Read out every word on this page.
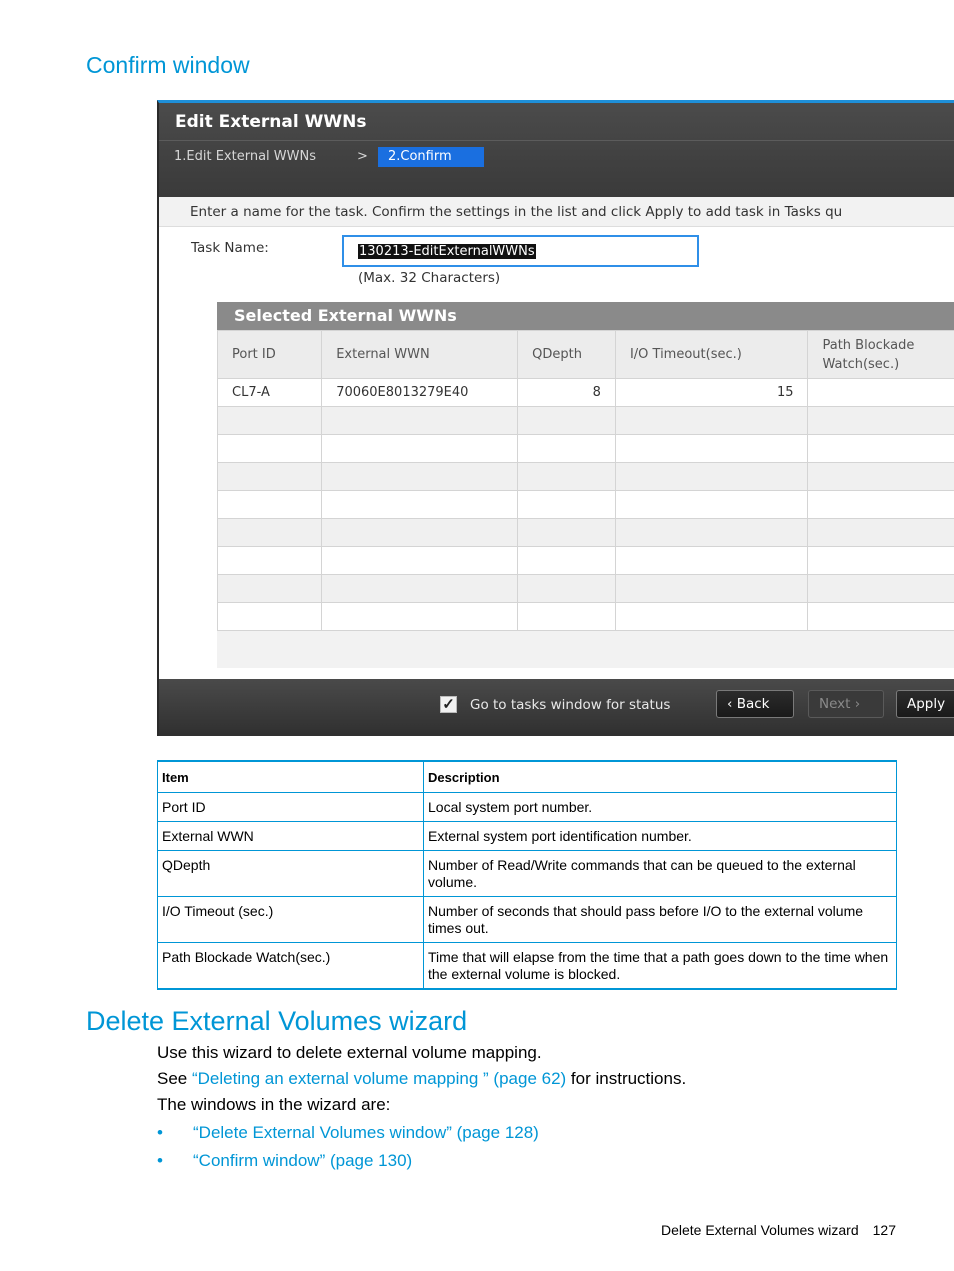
Confirm window
Edit External WWNs
1.Edit External WWNs	>	2.Confirm
Enter a name for the task. Confirm the settings in the list and click Apply to add task in Tasks qu
Task Name:	130213-EditExternalWWNs
(Max. 32 Characters)
Selected External WWNs
Port ID	External WWN	QDepth	I/O Timeout(sec.)	Path Blockade Watch(sec.)
CL7-A	70060E8013279E40	8	15	

✓ Go to tasks window for status	‹ Back	Next ›	Apply
Item	Description
Port ID	Local system port number.
External WWN	External system port identification number.
QDepth	Number of Read/Write commands that can be queued to the external volume.
I/O Timeout (sec.)	Number of seconds that should pass before I/O to the external volume times out.
Path Blockade Watch(sec.)	Time that will elapse from the time that a path goes down to the time when the external volume is blocked.
Delete External Volumes wizard

Use this wizard to delete external volume mapping.

See “Deleting an external volume mapping ” (page 62) for instructions.

The windows in the wizard are:

• “Delete External Volumes window” (page 128)
• “Confirm window” (page 130)
Delete External Volumes wizard 127
